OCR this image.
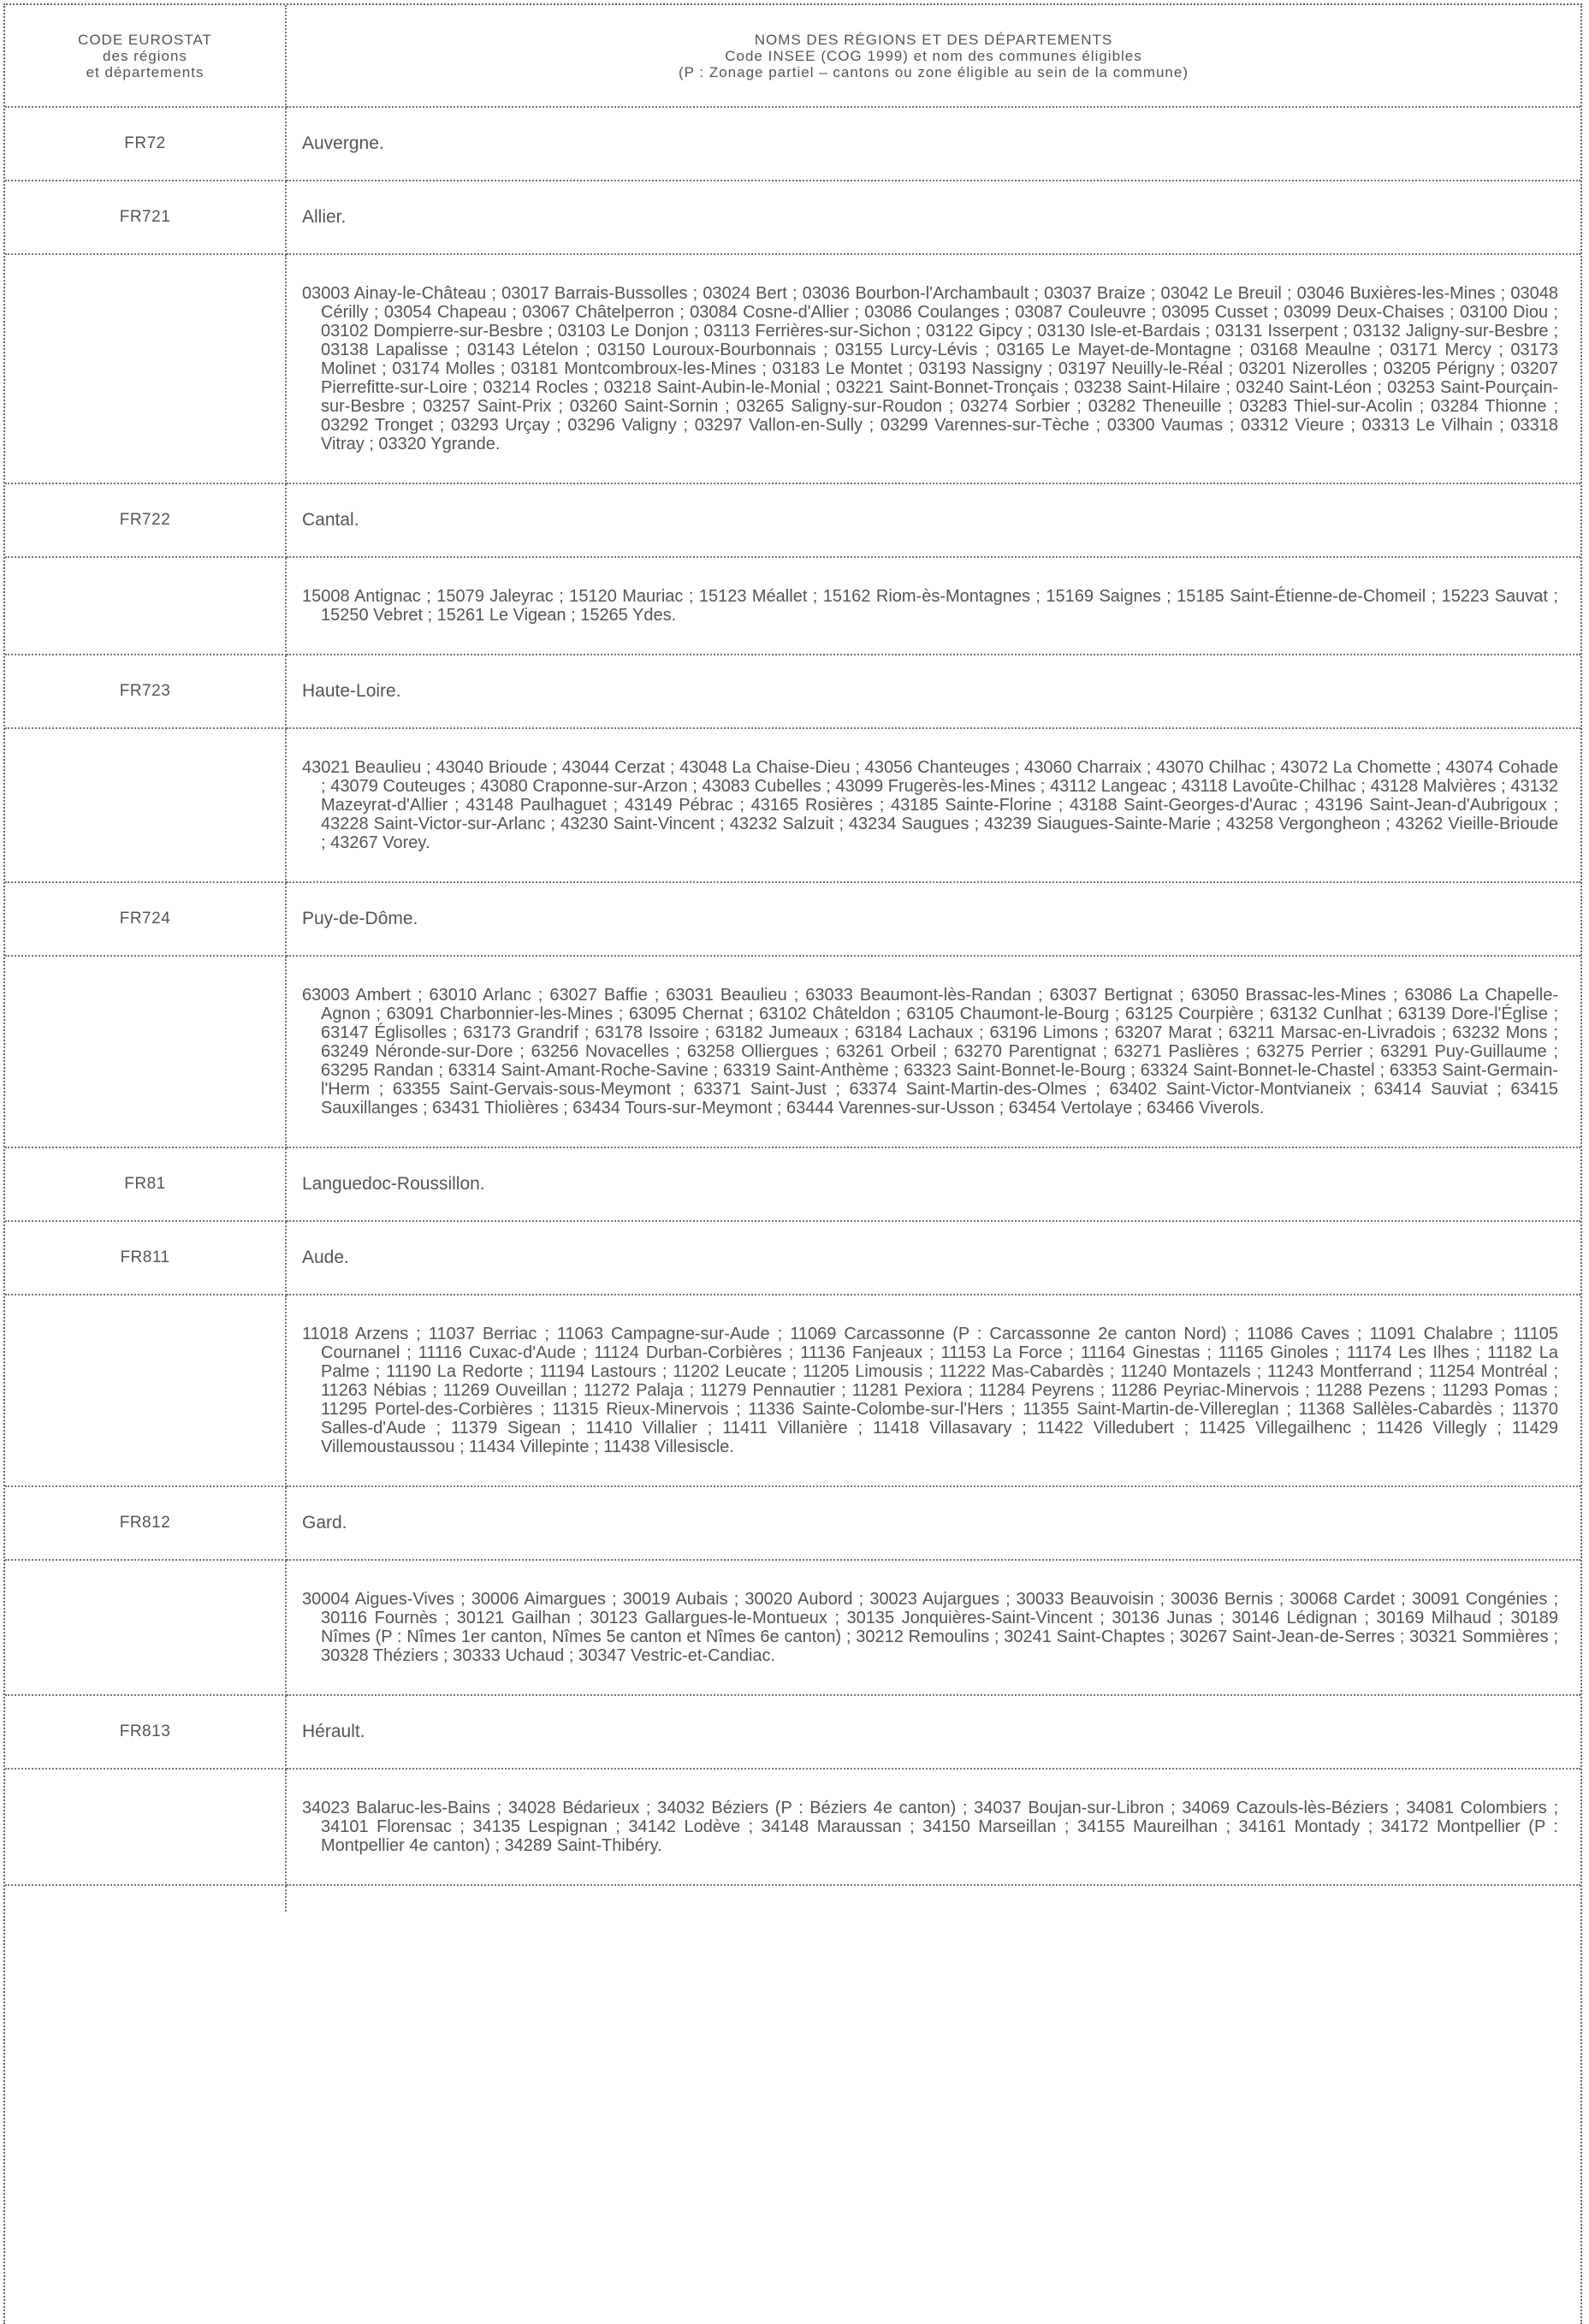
CODE EUROSTAT
des régions
et départements	NOMS DES RÉGIONS ET DES DÉPARTEMENTS
Code INSEE (COG 1999) et nom des communes éligibles
(P : Zonage partiel – cantons ou zone éligible au sein de la commune)

FR72	Auvergne.
FR721	Allier.

	03003 Ainay-le-Château ; 03017 Barrais-Bussolles ; 03024 Bert ; 03036 Bourbon-l'Archambault ; 03037 Braize ; 03042 Le Breuil ; 03046 Buxières-les-Mines ; 03048 Cérilly ; 03054 Chapeau ; 03067 Châtelperron ; 03084 Cosne-d'Allier ; 03086 Coulanges ; 03087 Couleuvre ; 03095 Cusset ; 03099 Deux-Chaises ; 03100 Diou ; 03102 Dompierre-sur-Besbre ; 03103 Le Donjon ; 03113 Ferrières-sur-Sichon ; 03122 Gipcy ; 03130 Isle-et-Bardais ; 03131 Isserpent ; 03132 Jaligny-sur-Besbre ; 03138 Lapalisse ; 03143 Lételon ; 03150 Louroux-Bourbonnais ; 03155 Lurcy-Lévis ; 03165 Le Mayet-de-Montagne ; 03168 Meaulne ; 03171 Mercy ; 03173 Molinet ; 03174 Molles ; 03181 Montcombroux-les-Mines ; 03183 Le Montet ; 03193 Nassigny ; 03197 Neuilly-le-Réal ; 03201 Nizerolles ; 03205 Périgny ; 03207 Pierrefitte-sur-Loire ; 03214 Rocles ; 03218 Saint-Aubin-le-Monial ; 03221 Saint-Bonnet-Tronçais ; 03238 Saint-Hilaire ; 03240 Saint-Léon ; 03253 Saint-Pourçain-sur-Besbre ; 03257 Saint-Prix ; 03260 Saint-Sornin ; 03265 Saligny-sur-Roudon ; 03274 Sorbier ; 03282 Theneuille ; 03283 Thiel-sur-Acolin ; 03284 Thionne ; 03292 Tronget ; 03293 Urçay ; 03296 Valigny ; 03297 Vallon-en-Sully ; 03299 Varennes-sur-Tèche ; 03300 Vaumas ; 03312 Vieure ; 03313 Le Vilhain ; 03318 Vitray ; 03320 Ygrande.

FR722	Cantal.

	15008 Antignac ; 15079 Jaleyrac ; 15120 Mauriac ; 15123 Méallet ; 15162 Riom-ès-Montagnes ; 15169 Saignes ; 15185 Saint-Étienne-de-Chomeil ; 15223 Sauvat ; 15250 Vebret ; 15261 Le Vigean ; 15265 Ydes.

FR723	Haute-Loire.

	43021 Beaulieu ; 43040 Brioude ; 43044 Cerzat ; 43048 La Chaise-Dieu ; 43056 Chanteuges ; 43060 Charraix ; 43070 Chilhac ; 43072 La Chomette ; 43074 Cohade ; 43079 Couteuges ; 43080 Craponne-sur-Arzon ; 43083 Cubelles ; 43099 Frugerès-les-Mines ; 43112 Langeac ; 43118 Lavoûte-Chilhac ; 43128 Malvières ; 43132 Mazeyrat-d'Allier ; 43148 Paulhaguet ; 43149 Pébrac ; 43165 Rosières ; 43185 Sainte-Florine ; 43188 Saint-Georges-d'Aurac ; 43196 Saint-Jean-d'Aubrigoux ; 43228 Saint-Victor-sur-Arlanc ; 43230 Saint-Vincent ; 43232 Salzuit ; 43234 Saugues ; 43239 Siaugues-Sainte-Marie ; 43258 Vergongheon ; 43262 Vieille-Brioude ; 43267 Vorey.

FR724	Puy-de-Dôme.

	63003 Ambert ; 63010 Arlanc ; 63027 Baffie ; 63031 Beaulieu ; 63033 Beaumont-lès-Randan ; 63037 Bertignat ; 63050 Brassac-les-Mines ; 63086 La Chapelle-Agnon ; 63091 Charbonnier-les-Mines ; 63095 Chernat ; 63102 Châteldon ; 63105 Chaumont-le-Bourg ; 63125 Courpière ; 63132 Cunlhat ; 63139 Dore-l'Église ; 63147 Églisolles ; 63173 Grandrif ; 63178 Issoire ; 63182 Jumeaux ; 63184 Lachaux ; 63196 Limons ; 63207 Marat ; 63211 Marsac-en-Livradois ; 63232 Mons ; 63249 Néronde-sur-Dore ; 63256 Novacelles ; 63258 Olliergues ; 63261 Orbeil ; 63270 Parentignat ; 63271 Paslières ; 63275 Perrier ; 63291 Puy-Guillaume ; 63295 Randan ; 63314 Saint-Amant-Roche-Savine ; 63319 Saint-Anthème ; 63323 Saint-Bonnet-le-Bourg ; 63324 Saint-Bonnet-le-Chastel ; 63353 Saint-Germain-l'Herm ; 63355 Saint-Gervais-sous-Meymont ; 63371 Saint-Just ; 63374 Saint-Martin-des-Olmes ; 63402 Saint-Victor-Montvianeix ; 63414 Sauviat ; 63415 Sauxillanges ; 63431 Thiolières ; 63434 Tours-sur-Meymont ; 63444 Varennes-sur-Usson ; 63454 Vertolaye ; 63466 Viverols.

FR81	Languedoc-Roussillon.
FR811	Aude.

	11018 Arzens ; 11037 Berriac ; 11063 Campagne-sur-Aude ; 11069 Carcassonne (P : Carcassonne 2e canton Nord) ; 11086 Caves ; 11091 Chalabre ; 11105 Cournanel ; 11116 Cuxac-d'Aude ; 11124 Durban-Corbières ; 11136 Fanjeaux ; 11153 La Force ; 11164 Ginestas ; 11165 Ginoles ; 11174 Les Ilhes ; 11182 La Palme ; 11190 La Redorte ; 11194 Lastours ; 11202 Leucate ; 11205 Limousis ; 11222 Mas-Cabardès ; 11240 Montazels ; 11243 Montferrand ; 11254 Montréal ; 11263 Nébias ; 11269 Ouveillan ; 11272 Palaja ; 11279 Pennautier ; 11281 Pexiora ; 11284 Peyrens ; 11286 Peyriac-Minervois ; 11288 Pezens ; 11293 Pomas ; 11295 Portel-des-Corbières ; 11315 Rieux-Minervois ; 11336 Sainte-Colombe-sur-l'Hers ; 11355 Saint-Martin-de-Villereglan ; 11368 Sallèles-Cabardès ; 11370 Salles-d'Aude ; 11379 Sigean ; 11410 Villalier ; 11411 Villanière ; 11418 Villasavary ; 11422 Villedubert ; 11425 Villegailhenc ; 11426 Villegly ; 11429 Villemoustaussou ; 11434 Villepinte ; 11438 Villesiscle.

FR812	Gard.

	30004 Aigues-Vives ; 30006 Aimargues ; 30019 Aubais ; 30020 Aubord ; 30023 Aujargues ; 30033 Beauvoisin ; 30036 Bernis ; 30068 Cardet ; 30091 Congénies ; 30116 Fournès ; 30121 Gailhan ; 30123 Gallargues-le-Montueux ; 30135 Jonquières-Saint-Vincent ; 30136 Junas ; 30146 Lédignan ; 30169 Milhaud ; 30189 Nîmes (P : Nîmes 1er canton, Nîmes 5e canton et Nîmes 6e canton) ; 30212 Remoulins ; 30241 Saint-Chaptes ; 30267 Saint-Jean-de-Serres ; 30321 Sommières ; 30328 Théziers ; 30333 Uchaud ; 30347 Vestric-et-Candiac.

FR813	Hérault.

	34023 Balaruc-les-Bains ; 34028 Bédarieux ; 34032 Béziers (P : Béziers 4e canton) ; 34037 Boujan-sur-Libron ; 34069 Cazouls-lès-Béziers ; 34081 Colombiers ; 34101 Florensac ; 34135 Lespignan ; 34142 Lodève ; 34148 Maraussan ; 34150 Marseillan ; 34155 Maureilhan ; 34161 Montady ; 34172 Montpellier (P : Montpellier 4e canton) ; 34289 Saint-Thibéry.
